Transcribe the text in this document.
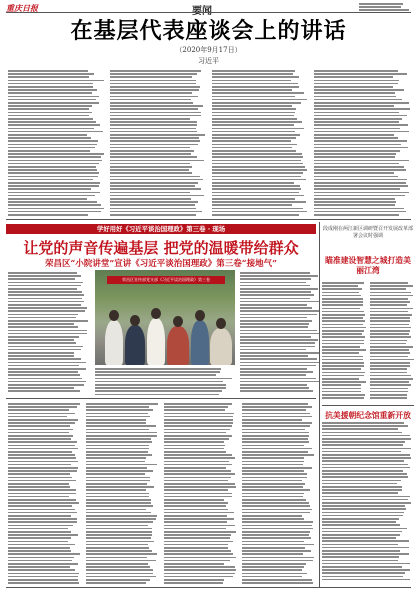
重庆日报	要闻
在基层代表座谈会上的讲话
（2020年9月17日）
习近平
学好用好《习近平谈治国理政》第三卷 · 现场
让党的声音传遍基层 把党的温暖带给群众
荣昌区“小院讲堂”宣讲《习近平谈治国理政》第三卷“接地气”
荣昌区宣传部党支部《习近平谈治国理政》第三卷
段成刚在两江新区调研暨召开发展改革部署会议时强调
瞄准建设智慧之城打造美丽江湾
抗美援朝纪念馆重新开放
